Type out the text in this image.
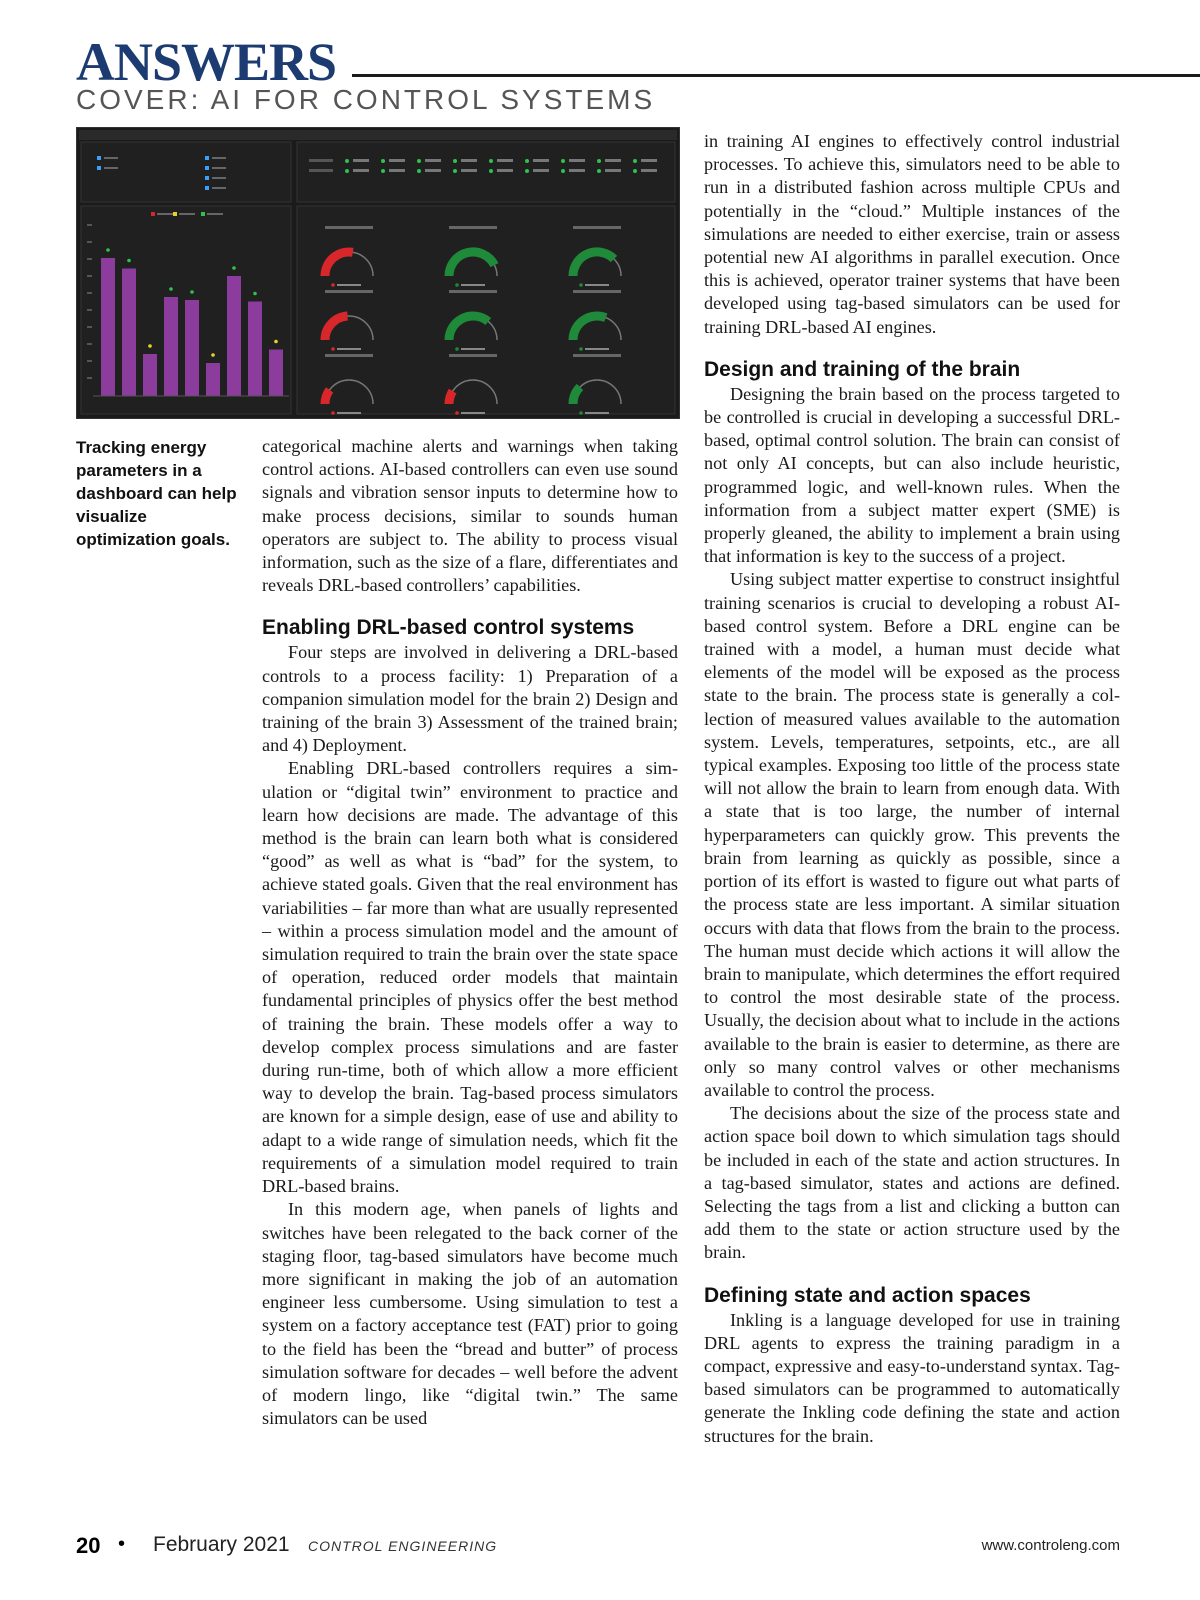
ANSWERS
COVER: AI FOR CONTROL SYSTEMS
Tracking energy parameters in a dashboard can help visualize optimization goals.

categorical machine alerts and warnings when taking control actions. AI-based controllers can even use sound signals and vibration sensor inputs to determine how to make process decisions, similar to sounds human operators are subject to. The ability to process visual information, such as the size of a flare, differentiates and reveals DRL-based controllers’ capabilities.

Enabling DRL-based control systems

Four steps are involved in delivering a DRL-based controls to a process facility: 1) Preparation of a companion simulation model for the brain 2) Design and training of the brain 3) Assessment of the trained brain; and 4) Deployment.

Enabling DRL-based controllers requires a simulation or “digital twin” environment to practice and learn how decisions are made. The advantage of this method is the brain can learn both what is considered “good” as well as what is “bad” for the system, to achieve stated goals. Given that the real environment has variabilities – far more than what are usually represented – within a process simulation model and the amount of simulation required to train the brain over the state space of operation, reduced order models that maintain fundamental principles of physics offer the best method of training the brain. These models offer a way to develop complex process simulations and are faster during run-time, both of which allow a more efficient way to develop the brain. Tag-based process simulators are known for a simple design, ease of use and ability to adapt to a wide range of simulation needs, which fit the requirements of a simulation model required to train DRL-based brains.

In this modern age, when panels of lights and switches have been relegated to the back corner of the staging floor, tag-based simulators have become much more significant in making the job of an automation engineer less cumbersome. Using simulation to test a system on a factory acceptance test (FAT) prior to going to the field has been the “bread and butter” of process simulation software for decades – well before the advent of modern lingo, like “digital twin.” The same simulators can be used

in training AI engines to effectively control industrial processes. To achieve this, simulators need to be able to run in a distributed fashion across multiple CPUs and potentially in the “cloud.” Multiple instances of the simulations are needed to either exercise, train or assess potential new AI algorithms in parallel execution. Once this is achieved, operator trainer systems that have been developed using tag-based simulators can be used for training DRL-based AI engines.

Design and training of the brain

Designing the brain based on the process targeted to be controlled is crucial in developing a successful DRL-based, optimal control solution. The brain can consist of not only AI concepts, but can also include heuristic, programmed logic, and well-known rules. When the information from a subject matter expert (SME) is properly gleaned, the ability to implement a brain using that information is key to the success of a project.

Using subject matter expertise to construct insightful training scenarios is crucial to developing a robust AI-based control system. Before a DRL engine can be trained with a model, a human must decide what elements of the model will be exposed as the process state to the brain. The process state is generally a collection of measured values available to the automation system. Levels, temperatures, setpoints, etc., are all typical examples. Exposing too little of the process state will not allow the brain to learn from enough data. With a state that is too large, the number of internal hyperparameters can quickly grow. This prevents the brain from learning as quickly as possible, since a portion of its effort is wasted to figure out what parts of the process state are less important. A similar situation occurs with data that flows from the brain to the process. The human must decide which actions it will allow the brain to manipulate, which determines the effort required to control the most desirable state of the process. Usually, the decision about what to include in the actions available to the brain is easier to determine, as there are only so many control valves or other mechanisms available to control the process.

The decisions about the size of the process state and action space boil down to which simulation tags should be included in each of the state and action structures. In a tag-based simulator, states and actions are defined. Selecting the tags from a list and clicking a button can add them to the state or action structure used by the brain.

Defining state and action spaces

Inkling is a language developed for use in training DRL agents to express the training paradigm in a compact, expressive and easy-to-understand syntax. Tag-based simulators can be programmed to automatically generate the Inkling code defining the state and action structures for the brain.

20 • February 2021 CONTROL ENGINEERING	www.controleng.com
